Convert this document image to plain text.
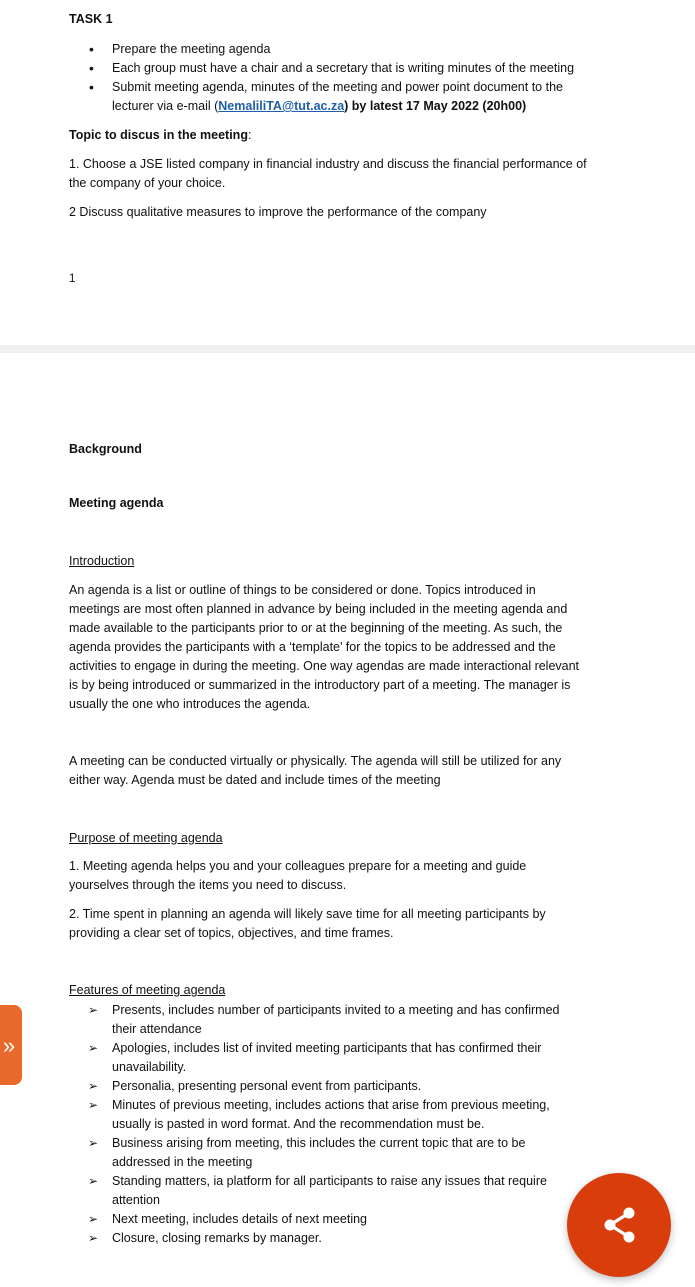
TASK 1

• Prepare the meeting agenda
• Each group must have a chair and a secretary that is writing minutes of the meeting
• Submit meeting agenda, minutes of the meeting and power point document to the
lecturer via e-mail (NemaliliTA@tut.ac.za) by latest 17 May 2022 (20h00)

Topic to discus in the meeting:

1. Choose a JSE listed company in financial industry and discuss the financial performance of
the company of your choice.

2 Discuss qualitative measures to improve the performance of the company

1

Background

Meeting agenda

Introduction

An agenda is a list or outline of things to be considered or done. Topics introduced in
meetings are most often planned in advance by being included in the meeting agenda and
made available to the participants prior to or at the beginning of the meeting. As such, the
agenda provides the participants with a ‘template’ for the topics to be addressed and the
activities to engage in during the meeting. One way agendas are made interactional relevant
is by being introduced or summarized in the introductory part of a meeting. The manager is
usually the one who introduces the agenda.

A meeting can be conducted virtually or physically. The agenda will still be utilized for any
either way. Agenda must be dated and include times of the meeting

Purpose of meeting agenda

1. Meeting agenda helps you and your colleagues prepare for a meeting and guide
yourselves through the items you need to discuss.

2. Time spent in planning an agenda will likely save time for all meeting participants by
providing a clear set of topics, objectives, and time frames.

Features of meeting agenda

➢ Presents, includes number of participants invited to a meeting and has confirmed
their attendance
➢ Apologies, includes list of invited meeting participants that has confirmed their
unavailability.
➢ Personalia, presenting personal event from participants.
➢ Minutes of previous meeting, includes actions that arise from previous meeting,
usually is pasted in word format. And the recommendation must be.
➢ Business arising from meeting, this includes the current topic that are to be
addressed in the meeting
➢ Standing matters, ia platform for all participants to raise any issues that require
attention
➢ Next meeting, includes details of next meeting
➢ Closure, closing remarks by manager.
»
